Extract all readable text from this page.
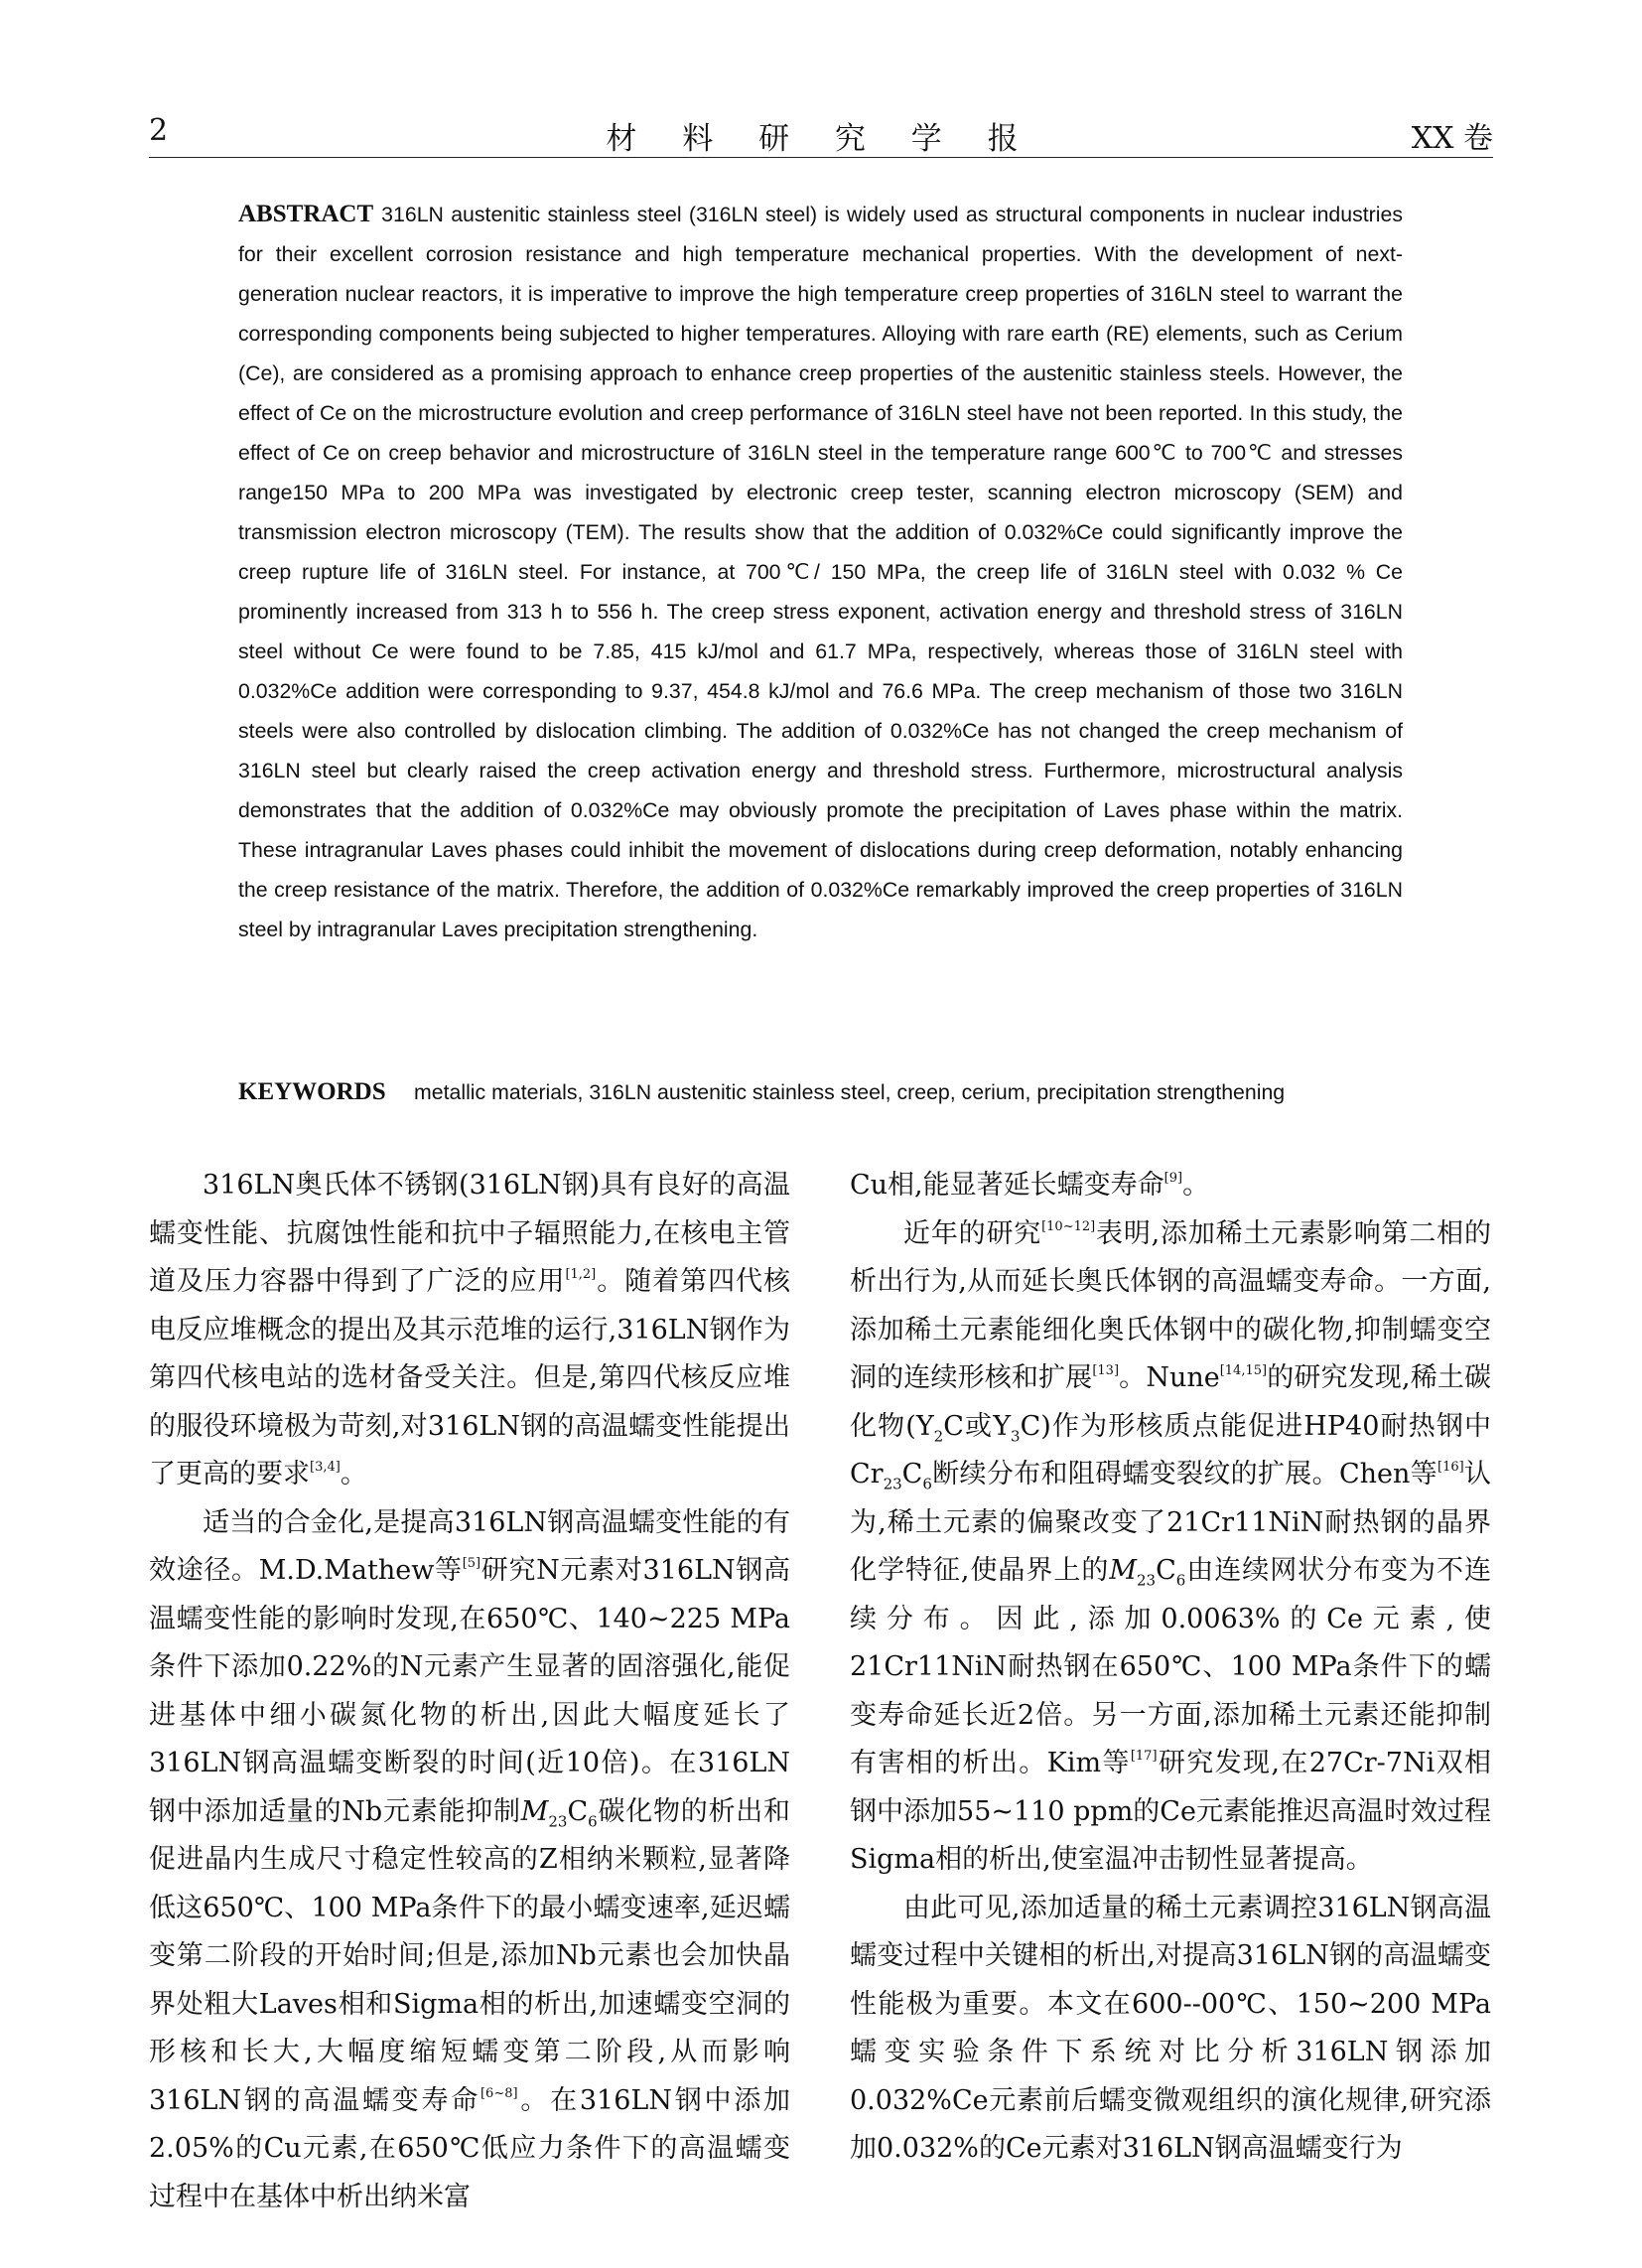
2	材 料 研 究 学 报	XX 卷
ABSTRACT 316LN austenitic stainless steel (316LN steel) is widely used as structural components in nuclear industries for their excellent corrosion resistance and high temperature mechanical properties. With the development of next-generation nuclear reactors, it is imperative to improve the high temperature creep properties of 316LN steel to warrant the corresponding components being subjected to higher temperatures. Alloying with rare earth (RE) elements, such as Cerium (Ce), are considered as a promising approach to enhance creep properties of the austenitic stainless steels. However, the effect of Ce on the microstructure evolution and creep performance of 316LN steel have not been reported. In this study, the effect of Ce on creep behavior and microstructure of 316LN steel in the temperature range 600℃ to 700℃ and stresses range150 MPa to 200 MPa was investigated by electronic creep tester, scanning electron microscopy (SEM) and transmission electron microscopy (TEM). The results show that the addition of 0.032%Ce could significantly improve the creep rupture life of 316LN steel. For instance, at 700℃/ 150 MPa, the creep life of 316LN steel with 0.032 % Ce prominently increased from 313 h to 556 h. The creep stress exponent, activation energy and threshold stress of 316LN steel without Ce were found to be 7.85, 415 kJ/mol and 61.7 MPa, respectively, whereas those of 316LN steel with 0.032%Ce addition were corresponding to 9.37, 454.8 kJ/mol and 76.6 MPa. The creep mechanism of those two 316LN steels were also controlled by dislocation climbing. The addition of 0.032%Ce has not changed the creep mechanism of 316LN steel but clearly raised the creep activation energy and threshold stress. Furthermore, microstructural analysis demonstrates that the addition of 0.032%Ce may obviously promote the precipitation of Laves phase within the matrix. These intragranular Laves phases could inhibit the movement of dislocations during creep deformation, notably enhancing the creep resistance of the matrix. Therefore, the addition of 0.032%Ce remarkably improved the creep properties of 316LN steel by intragranular Laves precipitation strengthening.
KEYWORDS metallic materials, 316LN austenitic stainless steel, creep, cerium, precipitation strengthening

316LN奥氏体不锈钢(316LN钢)具有良好的高温蠕变性能、抗腐蚀性能和抗中子辐照能力,在核电主管道及压力容器中得到了广泛的应用[1,2]。随着第四代核电反应堆概念的提出及其示范堆的运行,316LN钢作为第四代核电站的选材备受关注。但是,第四代核反应堆的服役环境极为苛刻,对316LN钢的高温蠕变性能提出了更高的要求[3,4]。

适当的合金化,是提高316LN钢高温蠕变性能的有效途径。M.D.Mathew等[5]研究N元素对316LN钢高温蠕变性能的影响时发现,在650℃、140~225 MPa条件下添加0.22%的N元素产生显著的固溶强化,能促进基体中细小碳氮化物的析出,因此大幅度延长了316LN钢高温蠕变断裂的时间(近10倍)。在316LN钢中添加适量的Nb元素能抑制$M_{23}C_6$碳化物的析出和促进晶内生成尺寸稳定性较高的Z相纳米颗粒,显著降低这650℃、100 MPa条件下的最小蠕变速率,延迟蠕变第二阶段的开始时间;但是,添加Nb元素也会加快晶界处粗大Laves相和Sigma相的析出,加速蠕变空洞的形核和长大,大幅度缩短蠕变第二阶段,从而影响316LN钢的高温蠕变寿命[6~8]。在316LN钢中添加2.05%的Cu元素,在650℃低应力条件下的高温蠕变过程中在基体中析出纳米富

Cu相,能显著延长蠕变寿命[9]。

近年的研究[10~12]表明,添加稀土元素影响第二相的析出行为,从而延长奥氏体钢的高温蠕变寿命。一方面,添加稀土元素能细化奥氏体钢中的碳化物,抑制蠕变空洞的连续形核和扩展[13]。Nune[14,15]的研究发现,稀土碳化物($Y_2C$或$Y_3C$)作为形核质点能促进HP40耐热钢中$Cr_{23}C_6$断续分布和阻碍蠕变裂纹的扩展。Chen等[16]认为,稀土元素的偏聚改变了21Cr11NiN耐热钢的晶界化学特征,使晶界上的$M_{23}C_6$由连续网状分布变为不连续分布。因此,添加0.0063%的Ce元素,使21Cr11NiN耐热钢在650℃、100 MPa条件下的蠕变寿命延长近2倍。另一方面,添加稀土元素还能抑制有害相的析出。Kim等[17]研究发现,在27Cr-7Ni双相钢中添加55~110 ppm的Ce元素能推迟高温时效过程Sigma相的析出,使室温冲击韧性显著提高。

由此可见,添加适量的稀土元素调控316LN钢高温蠕变过程中关键相的析出,对提高316LN钢的高温蠕变性能极为重要。本文在600--00℃、150~200 MPa蠕变实验条件下系统对比分析316LN钢添加0.032%Ce元素前后蠕变微观组织的演化规律,研究添加0.032%的Ce元素对316LN钢高温蠕变行为
